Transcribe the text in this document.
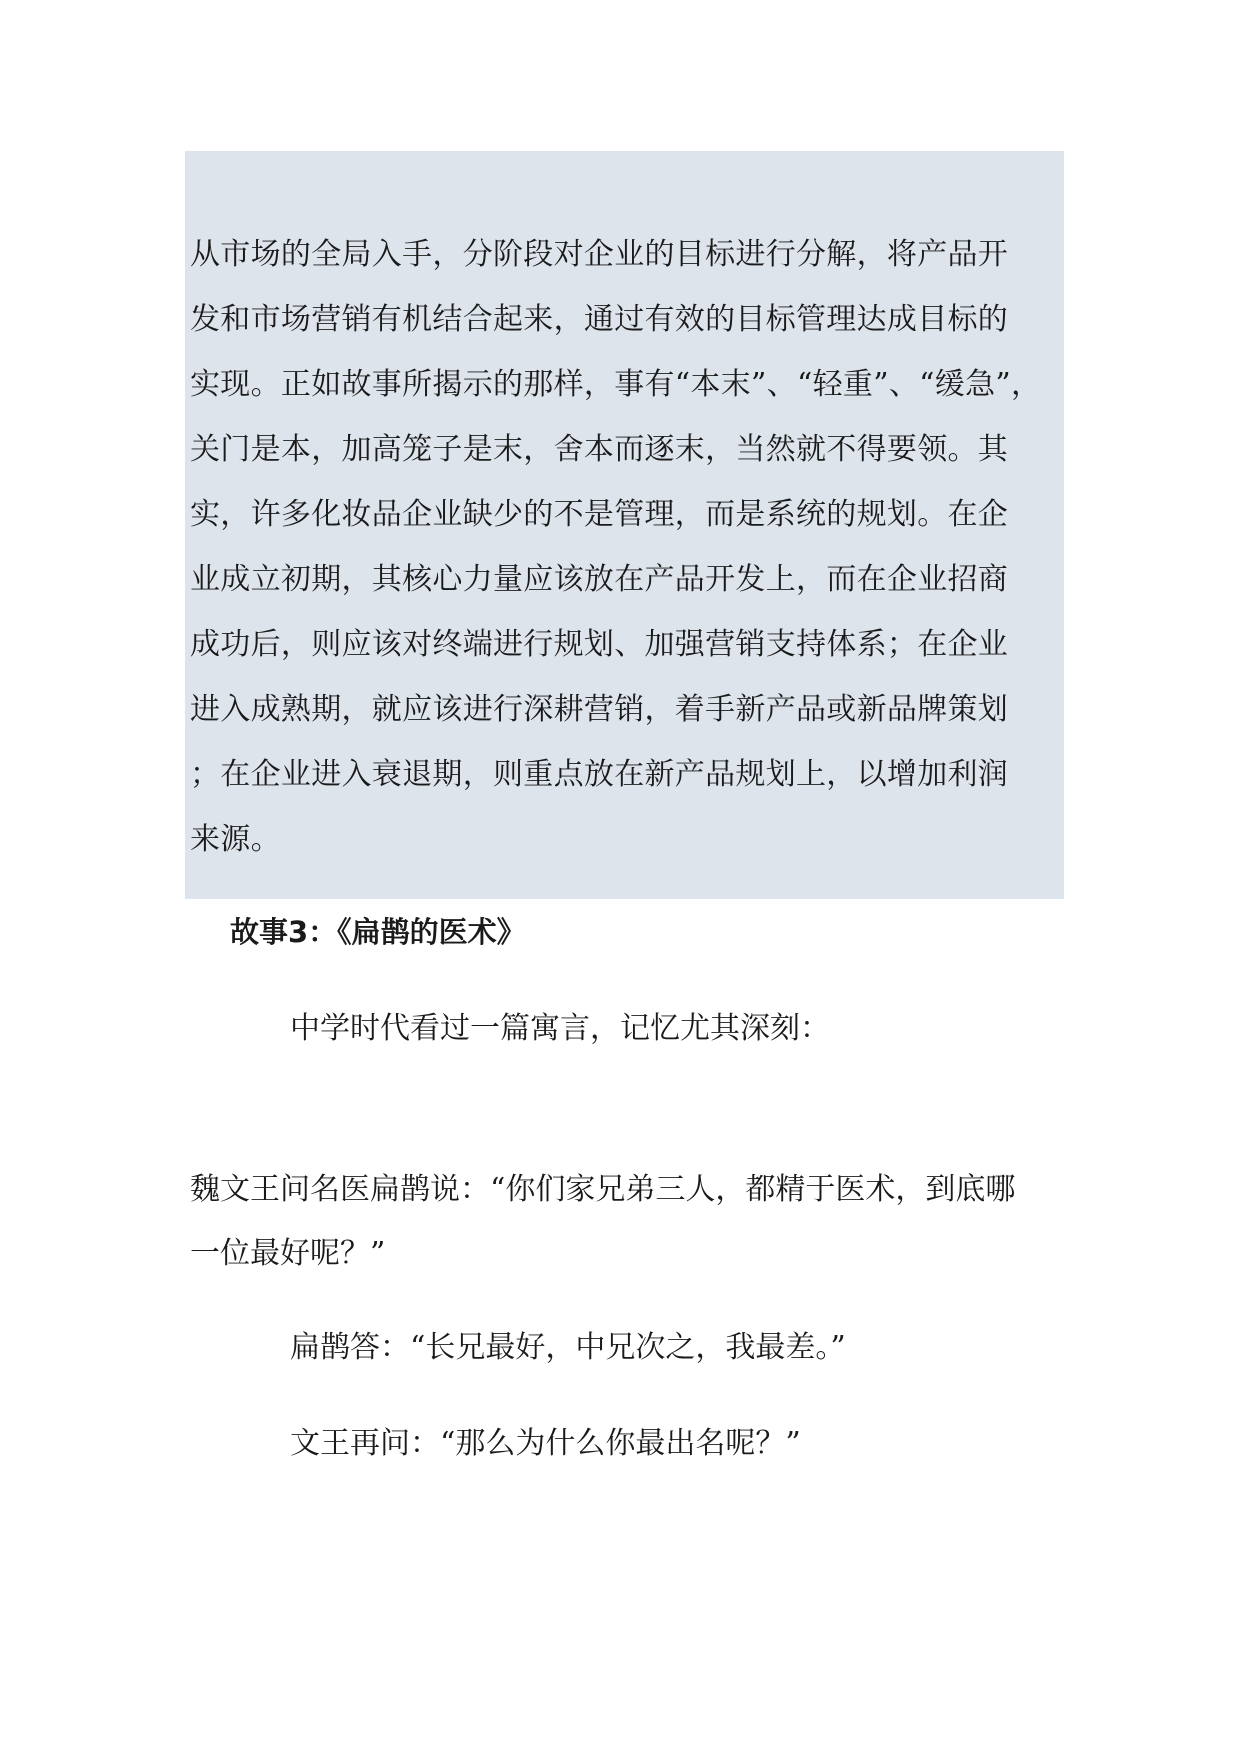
从市场的全局入手，分阶段对企业的目标进行分解，将产品开
发和市场营销有机结合起来，通过有效的目标管理达成目标的
实现。正如故事所揭示的那样，事有“本末”、“轻重”、“缓急”，
关门是本，加高笼子是末，舍本而逐末，当然就不得要领。其
实，许多化妆品企业缺少的不是管理，而是系统的规划。在企
业成立初期，其核心力量应该放在产品开发上，而在企业招商
成功后，则应该对终端进行规划、加强营销支持体系；在企业
进入成熟期，就应该进行深耕营销，着手新产品或新品牌策划
；在企业进入衰退期，则重点放在新产品规划上，以增加利润
来源。

故事3：《扁鹊的医术》

中学时代看过一篇寓言，记忆尤其深刻：

魏文王问名医扁鹊说：“你们家兄弟三人，都精于医术，到底哪

一位最好呢？”

扁鹊答：“长兄最好，中兄次之，我最差。”

文王再问：“那么为什么你最出名呢？”
